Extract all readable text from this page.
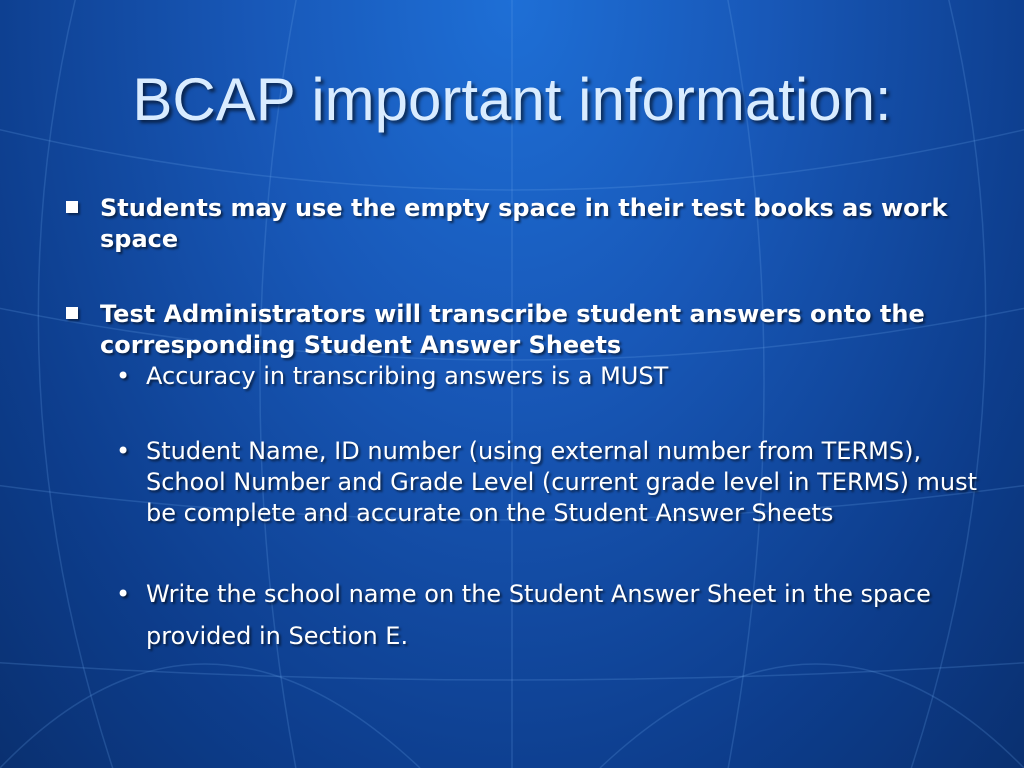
BCAP important information:
Students may use the empty space in their test books as work space
Test Administrators will transcribe student answers onto the corresponding Student Answer Sheets
• Accuracy in transcribing answers is a MUST
• Student Name, ID number (using external number from TERMS), School Number and Grade Level (current grade level in TERMS) must be complete and accurate on the Student Answer Sheets
• Write the school name on the Student Answer Sheet in the space provided in Section E.
